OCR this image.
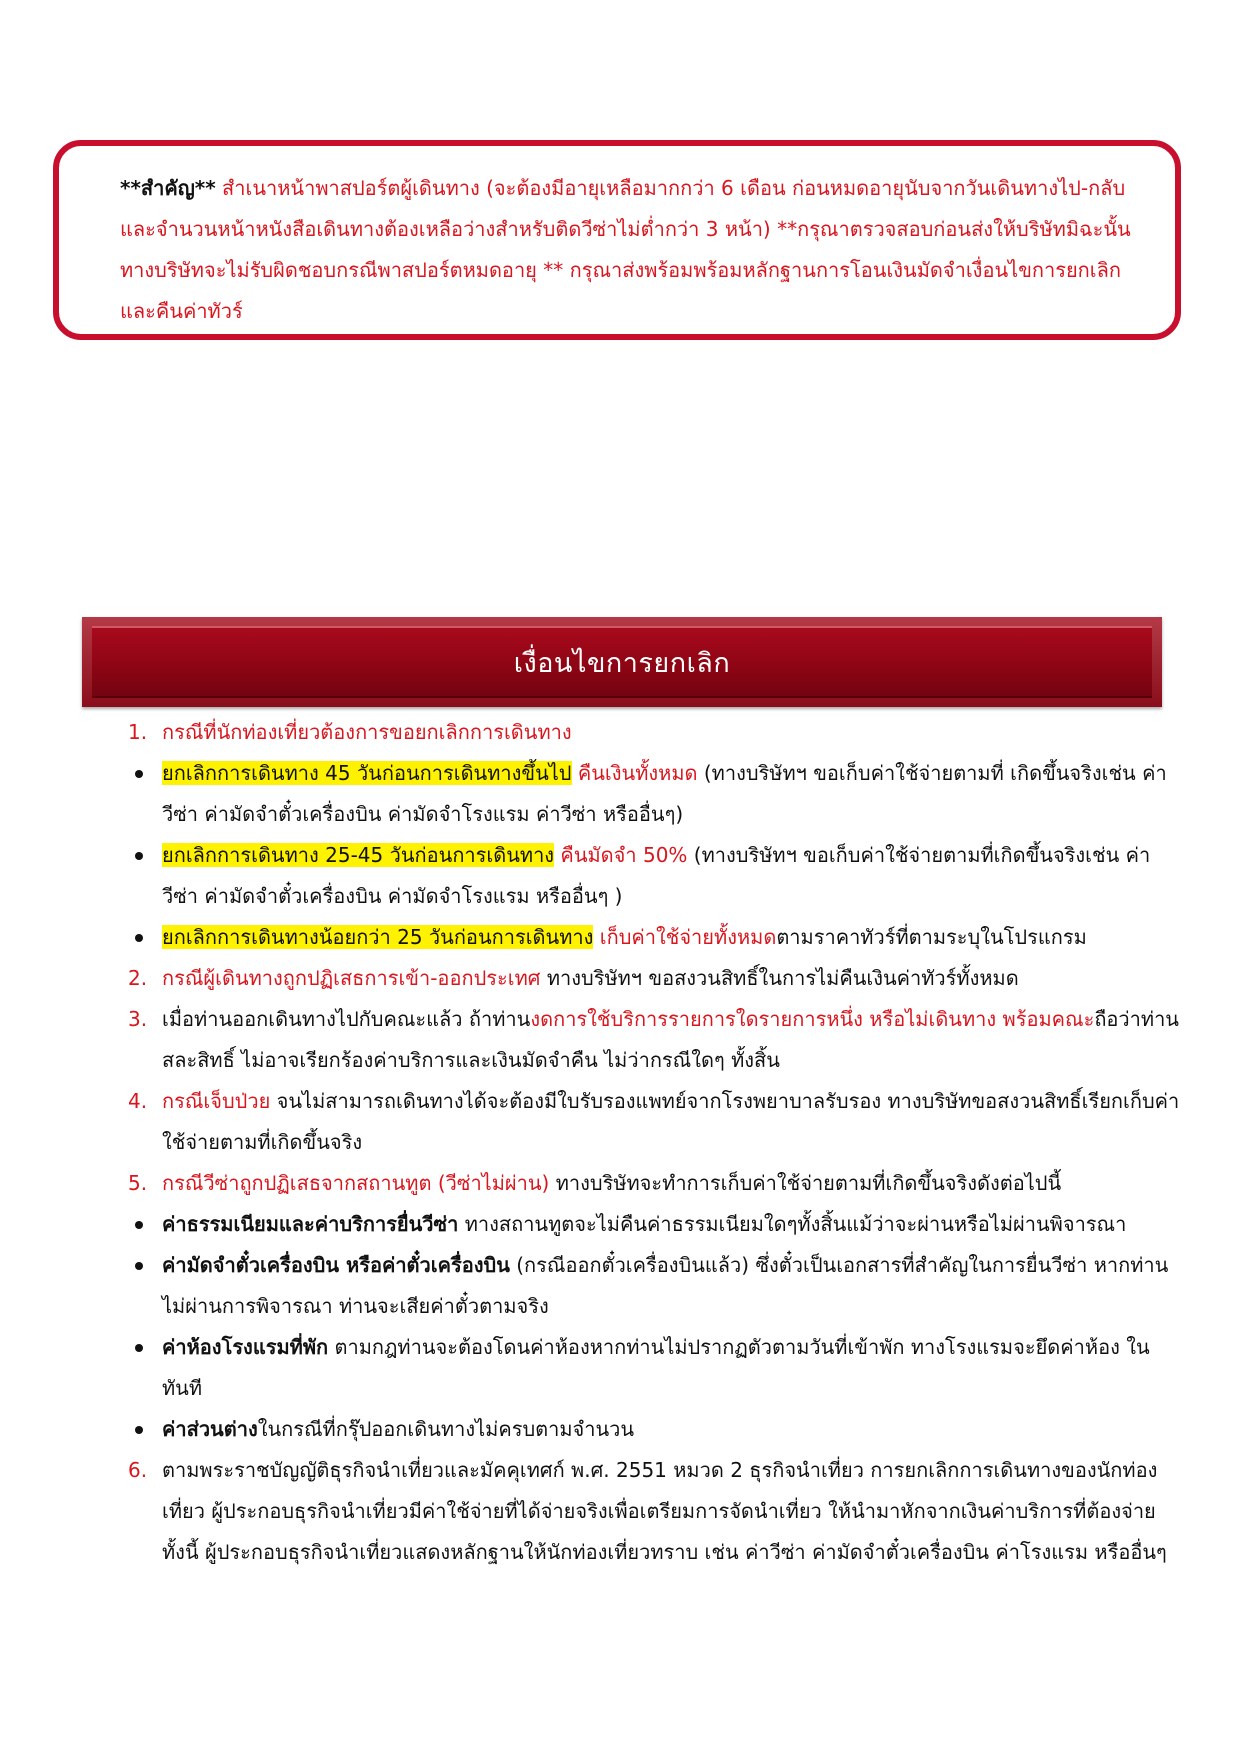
**สำคัญ** สำเนาหน้าพาสปอร์ตผู้เดินทาง (จะต้องมีอายุเหลือมากกว่า 6 เดือน ก่อนหมดอายุนับจากวันเดินทางไป-กลับและจำนวนหน้าหนังสือเดินทางต้องเหลือว่างสำหรับติดวีซ่าไม่ต่ำกว่า 3 หน้า) **กรุณาตรวจสอบก่อนส่งให้บริษัทมิฉะนั้นทางบริษัทจะไม่รับผิดชอบกรณีพาสปอร์ตหมดอายุ ** กรุณาส่งพร้อมพร้อมหลักฐานการโอนเงินมัดจำเงื่อนไขการยกเลิกและคืนค่าทัวร์

เงื่อนไขการยกเลิก
1. กรณีที่นักท่องเที่ยวต้องการขอยกเลิกการเดินทาง

ยกเลิกการเดินทาง 45 วันก่อนการเดินทางขึ้นไป คืนเงินทั้งหมด (ทางบริษัทฯ ขอเก็บค่าใช้จ่ายตามที่ เกิดขึ้นจริงเช่น ค่าวีซ่า ค่ามัดจำตั๋วเครื่องบิน ค่ามัดจำโรงแรม ค่าวีซ่า หรืออื่นๆ)

ยกเลิกการเดินทาง 25-45 วันก่อนการเดินทาง คืนมัดจำ 50% (ทางบริษัทฯ ขอเก็บค่าใช้จ่ายตามที่เกิดขึ้นจริงเช่น ค่าวีซ่า ค่ามัดจำตั๋วเครื่องบิน ค่ามัดจำโรงแรม หรืออื่นๆ )

ยกเลิกการเดินทางน้อยกว่า 25 วันก่อนการเดินทาง เก็บค่าใช้จ่ายทั้งหมดตามราคาทัวร์ที่ตามระบุในโปรแกรม

2. กรณีผู้เดินทางถูกปฏิเสธการเข้า-ออกประเทศ ทางบริษัทฯ ขอสงวนสิทธิ์ในการไม่คืนเงินค่าทัวร์ทั้งหมด

3. เมื่อท่านออกเดินทางไปกับคณะแล้ว ถ้าท่านงดการใช้บริการรายการใดรายการหนึ่ง หรือไม่เดินทาง พร้อมคณะถือว่าท่านสละสิทธิ์ ไม่อาจเรียกร้องค่าบริการและเงินมัดจำคืน ไม่ว่ากรณีใดๆ ทั้งสิ้น

4. กรณีเจ็บป่วย จนไม่สามารถเดินทางได้จะต้องมีใบรับรองแพทย์จากโรงพยาบาลรับรอง ทางบริษัทขอสงวนสิทธิ์เรียกเก็บค่าใช้จ่ายตามที่เกิดขึ้นจริง

5. กรณีวีซ่าถูกปฏิเสธจากสถานทูต (วีซ่าไม่ผ่าน) ทางบริษัทจะทำการเก็บค่าใช้จ่ายตามที่เกิดขึ้นจริงดังต่อไปนี้

ค่าธรรมเนียมและค่าบริการยื่นวีซ่า ทางสถานทูตจะไม่คืนค่าธรรมเนียมใดๆทั้งสิ้นแม้ว่าจะผ่านหรือไม่ผ่านพิจารณา

ค่ามัดจำตั๋วเครื่องบิน หรือค่าตั๋วเครื่องบิน (กรณีออกตั๋วเครื่องบินแล้ว) ซึ่งตั๋วเป็นเอกสารที่สำคัญในการยื่นวีซ่า หากท่านไม่ผ่านการพิจารณา ท่านจะเสียค่าตั๋วตามจริง

ค่าห้องโรงแรมที่พัก ตามกฎท่านจะต้องโดนค่าห้องหากท่านไม่ปรากฏตัวตามวันที่เข้าพัก ทางโรงแรมจะยึดค่าห้อง ในทันที

ค่าส่วนต่างในกรณีที่กรุ๊ปออกเดินทางไม่ครบตามจำนวน

6. ตามพระราชบัญญัติธุรกิจนำเที่ยวและมัคคุเทศก์ พ.ศ. 2551 หมวด 2 ธุรกิจนำเที่ยว การยกเลิกการเดินทางของนักท่องเที่ยว ผู้ประกอบธุรกิจนำเที่ยวมีค่าใช้จ่ายที่ได้จ่ายจริงเพื่อเตรียมการจัดนำเที่ยว ให้นำมาหักจากเงินค่าบริการที่ต้องจ่าย ทั้งนี้ ผู้ประกอบธุรกิจนำเที่ยวแสดงหลักฐานให้นักท่องเที่ยวทราบ เช่น ค่าวีซ่า ค่ามัดจำตั๋วเครื่องบิน ค่าโรงแรม หรืออื่นๆ
